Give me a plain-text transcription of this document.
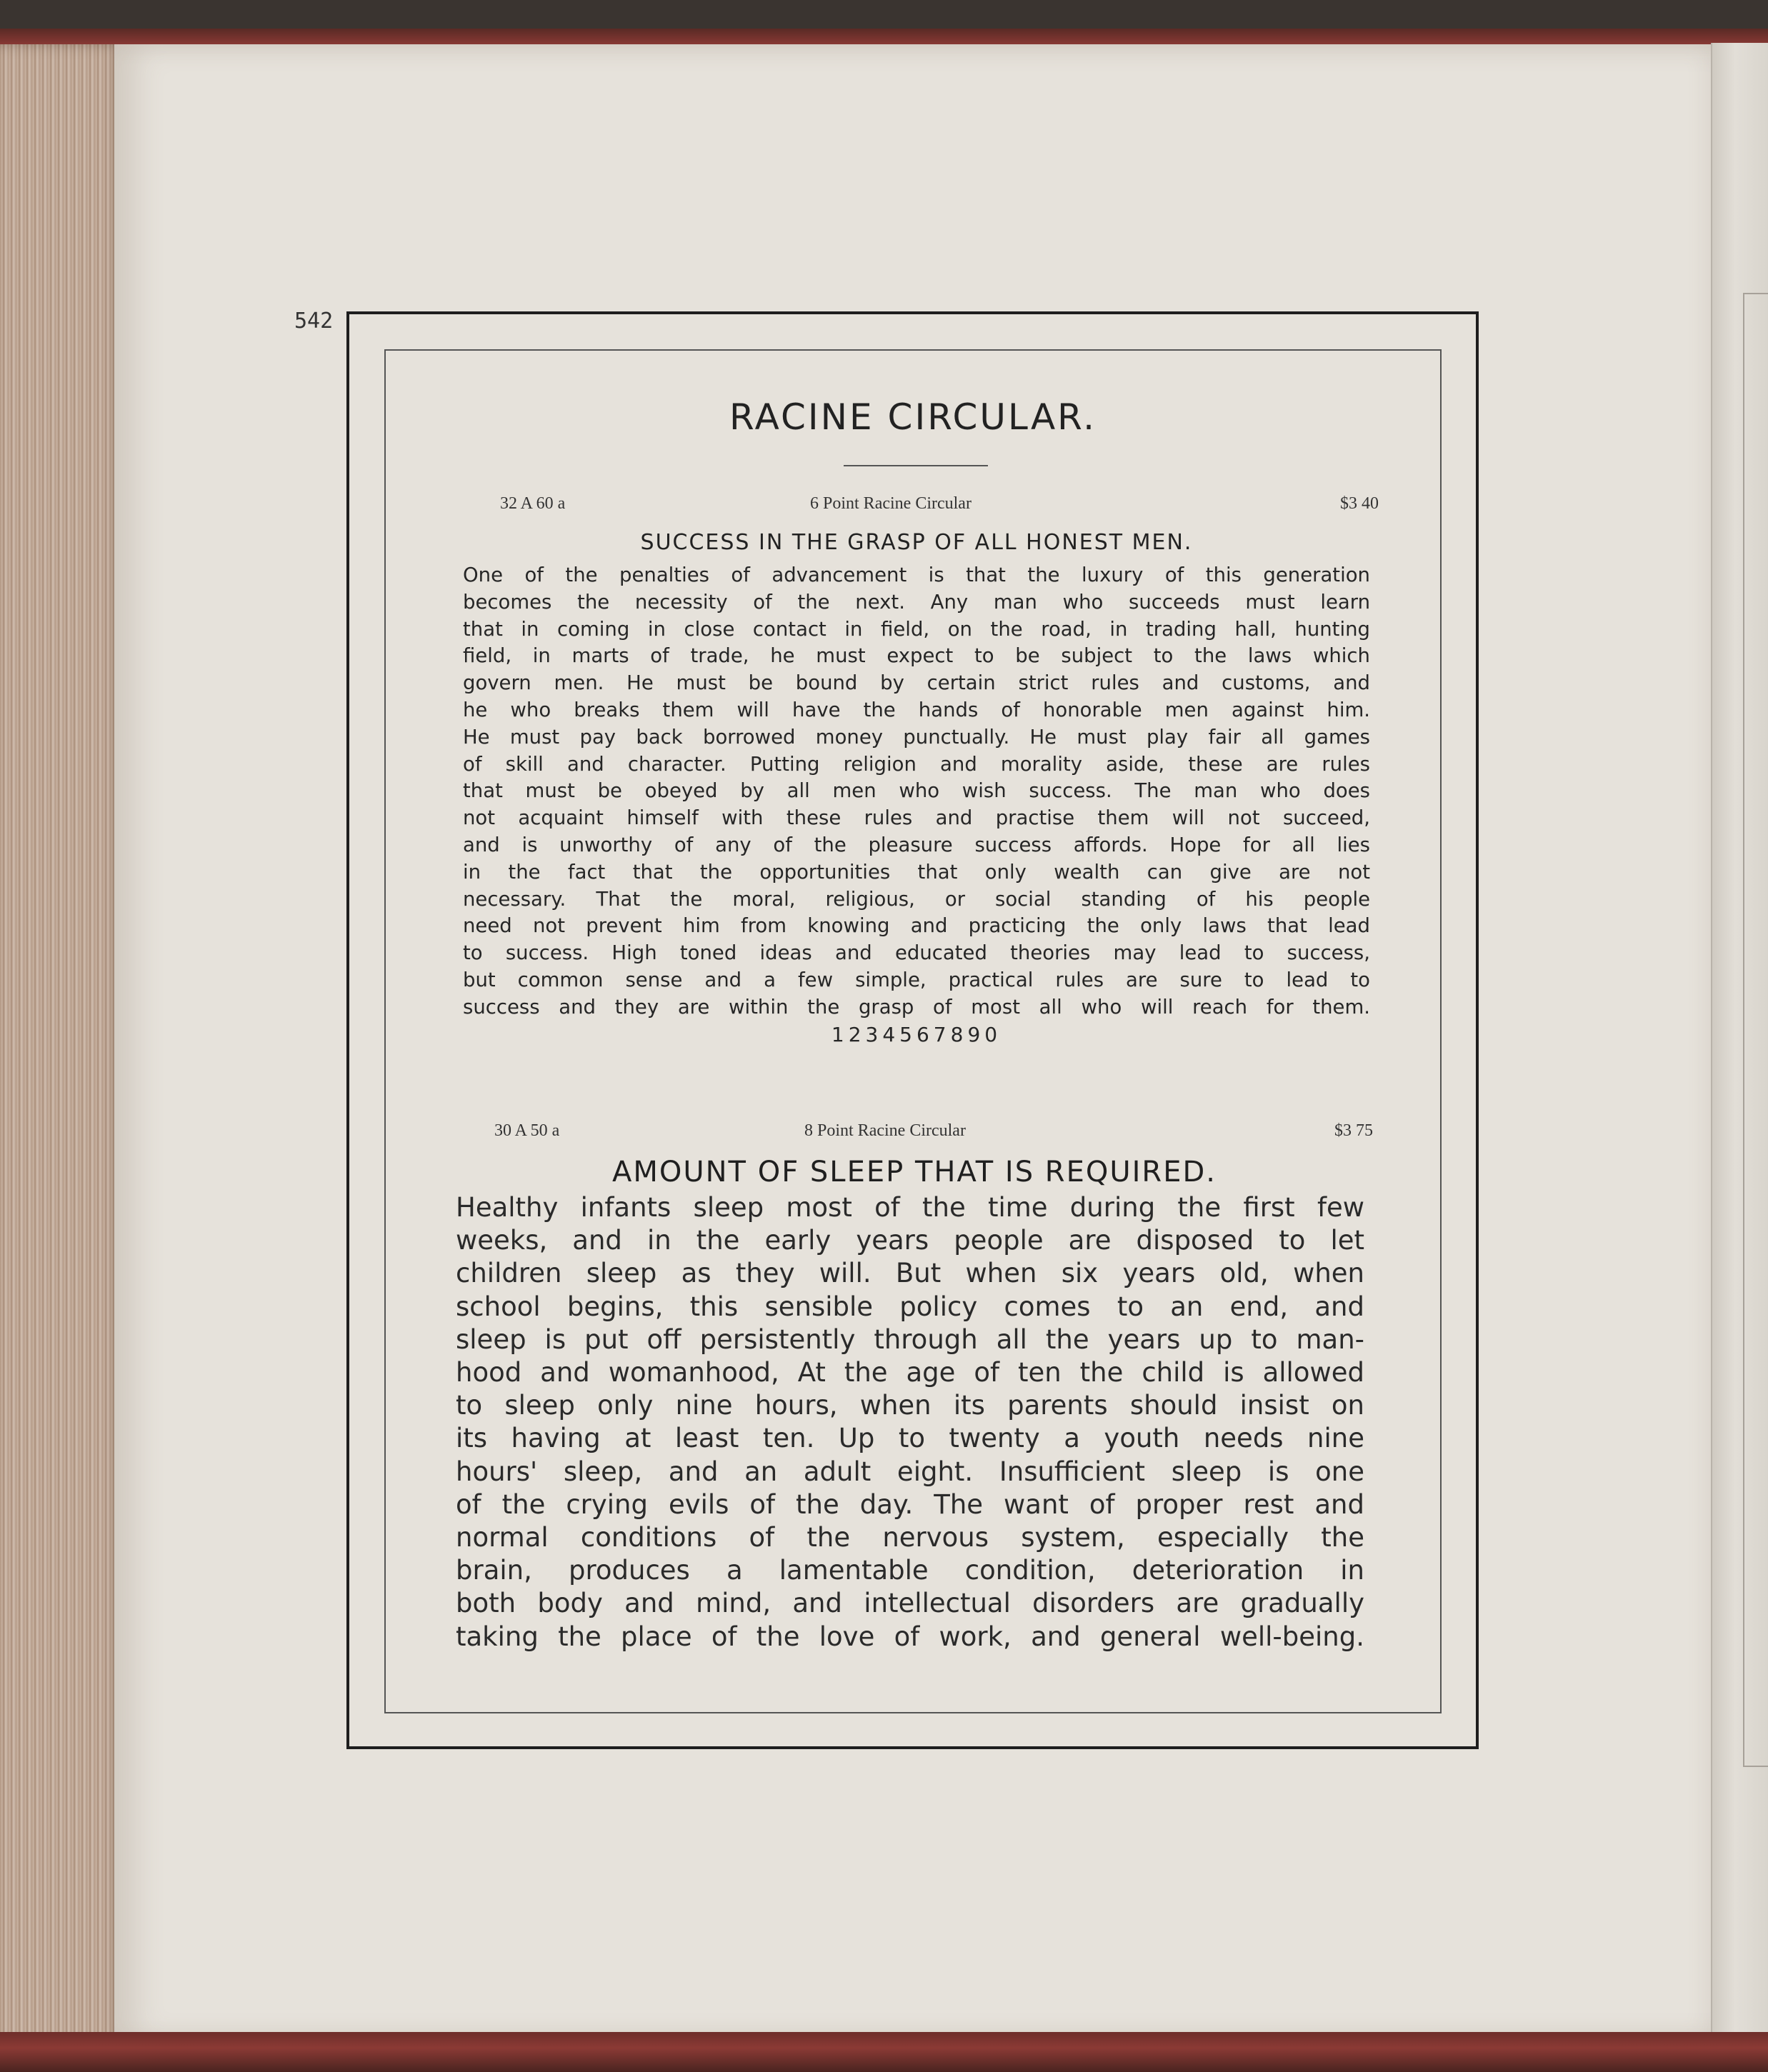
542
RACINE CIRCULAR.
32 A 60 a	6 Point Racine Circular	$3 40
SUCCESS IN THE GRASP OF ALL HONEST MEN.
One of the penalties of advancement is that the luxury of this generation
becomes the necessity of the next. Any man who succeeds must learn
that in coming in close contact in field, on the road, in trading hall, hunting
field, in marts of trade, he must expect to be subject to the laws which
govern men. He must be bound by certain strict rules and customs, and
he who breaks them will have the hands of honorable men against him.
He must pay back borrowed money punctually. He must play fair all games
of skill and character. Putting religion and morality aside, these are rules
that must be obeyed by all men who wish success. The man who does
not acquaint himself with these rules and practise them will not succeed,
and is unworthy of any of the pleasure success affords. Hope for all lies
in the fact that the opportunities that only wealth can give are not
necessary. That the moral, religious, or social standing of his people
need not prevent him from knowing and practicing the only laws that lead
to success. High toned ideas and educated theories may lead to success,
but common sense and a few simple, practical rules are sure to lead to
success and they are within the grasp of most all who will reach for them.
1234567890
30 A 50 a	8 Point Racine Circular	$3 75
AMOUNT OF SLEEP THAT IS REQUIRED.
Healthy infants sleep most of the time during the first few
weeks, and in the early years people are disposed to let
children sleep as they will. But when six years old, when
school begins, this sensible policy comes to an end, and
sleep is put off persistently through all the years up to man-
hood and womanhood, At the age of ten the child is allowed
to sleep only nine hours, when its parents should insist on
its having at least ten. Up to twenty a youth needs nine
hours' sleep, and an adult eight. Insufficient sleep is one
of the crying evils of the day. The want of proper rest and
normal conditions of the nervous system, especially the
brain, produces a lamentable condition, deterioration in
both body and mind, and intellectual disorders are gradually
taking the place of the love of work, and general well-being.
